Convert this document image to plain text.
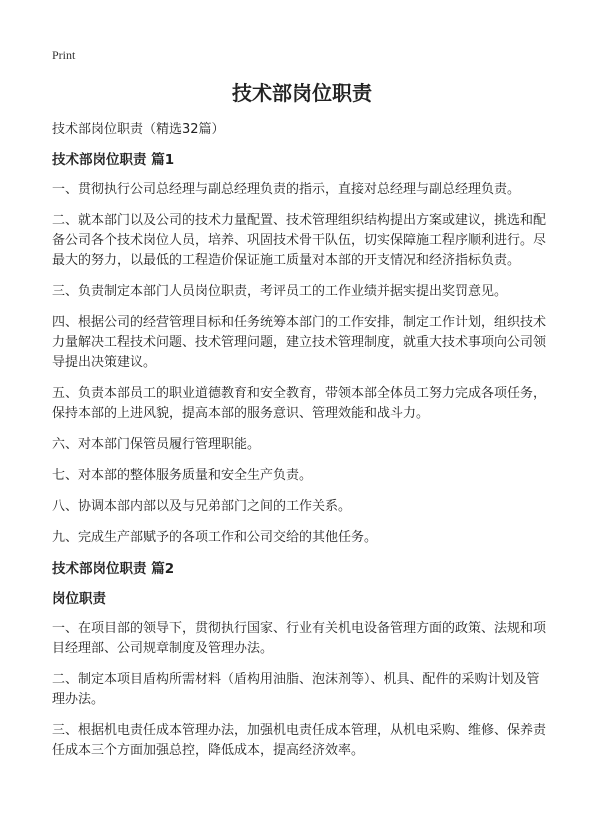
Print
技术部岗位职责
技术部岗位职责（精选32篇）
技术部岗位职责 篇1

一、贯彻执行公司总经理与副总经理负责的指示，直接对总经理与副总经理负责。

二、就本部门以及公司的技术力量配置、技术管理组织结构提出方案或建议，挑选和配备公司各个技术岗位人员，培养、巩固技术骨干队伍，切实保障施工程序顺利进行。尽最大的努力，以最低的工程造价保证施工质量对本部的开支情况和经济指标负责。

三、负责制定本部门人员岗位职责，考评员工的工作业绩并据实提出奖罚意见。

四、根据公司的经营管理目标和任务统筹本部门的工作安排，制定工作计划，组织技术力量解决工程技术问题、技术管理问题，建立技术管理制度，就重大技术事项向公司领导提出决策建议。

五、负责本部员工的职业道德教育和安全教育，带领本部全体员工努力完成各项任务，保持本部的上进风貌，提高本部的服务意识、管理效能和战斗力。

六、对本部门保管员履行管理职能。

七、对本部的整体服务质量和安全生产负责。

八、协调本部内部以及与兄弟部门之间的工作关系。

九、完成生产部赋予的各项工作和公司交给的其他任务。

技术部岗位职责 篇2
岗位职责

一、在项目部的领导下，贯彻执行国家、行业有关机电设备管理方面的政策、法规和项目经理部、公司规章制度及管理办法。

二、制定本项目盾构所需材料（盾构用油脂、泡沫剂等）、机具、配件的采购计划及管理办法。

三、根据机电责任成本管理办法，加强机电责任成本管理，从机电采购、维修、保养责任成本三个方面加强总控，降低成本，提高经济效率。
